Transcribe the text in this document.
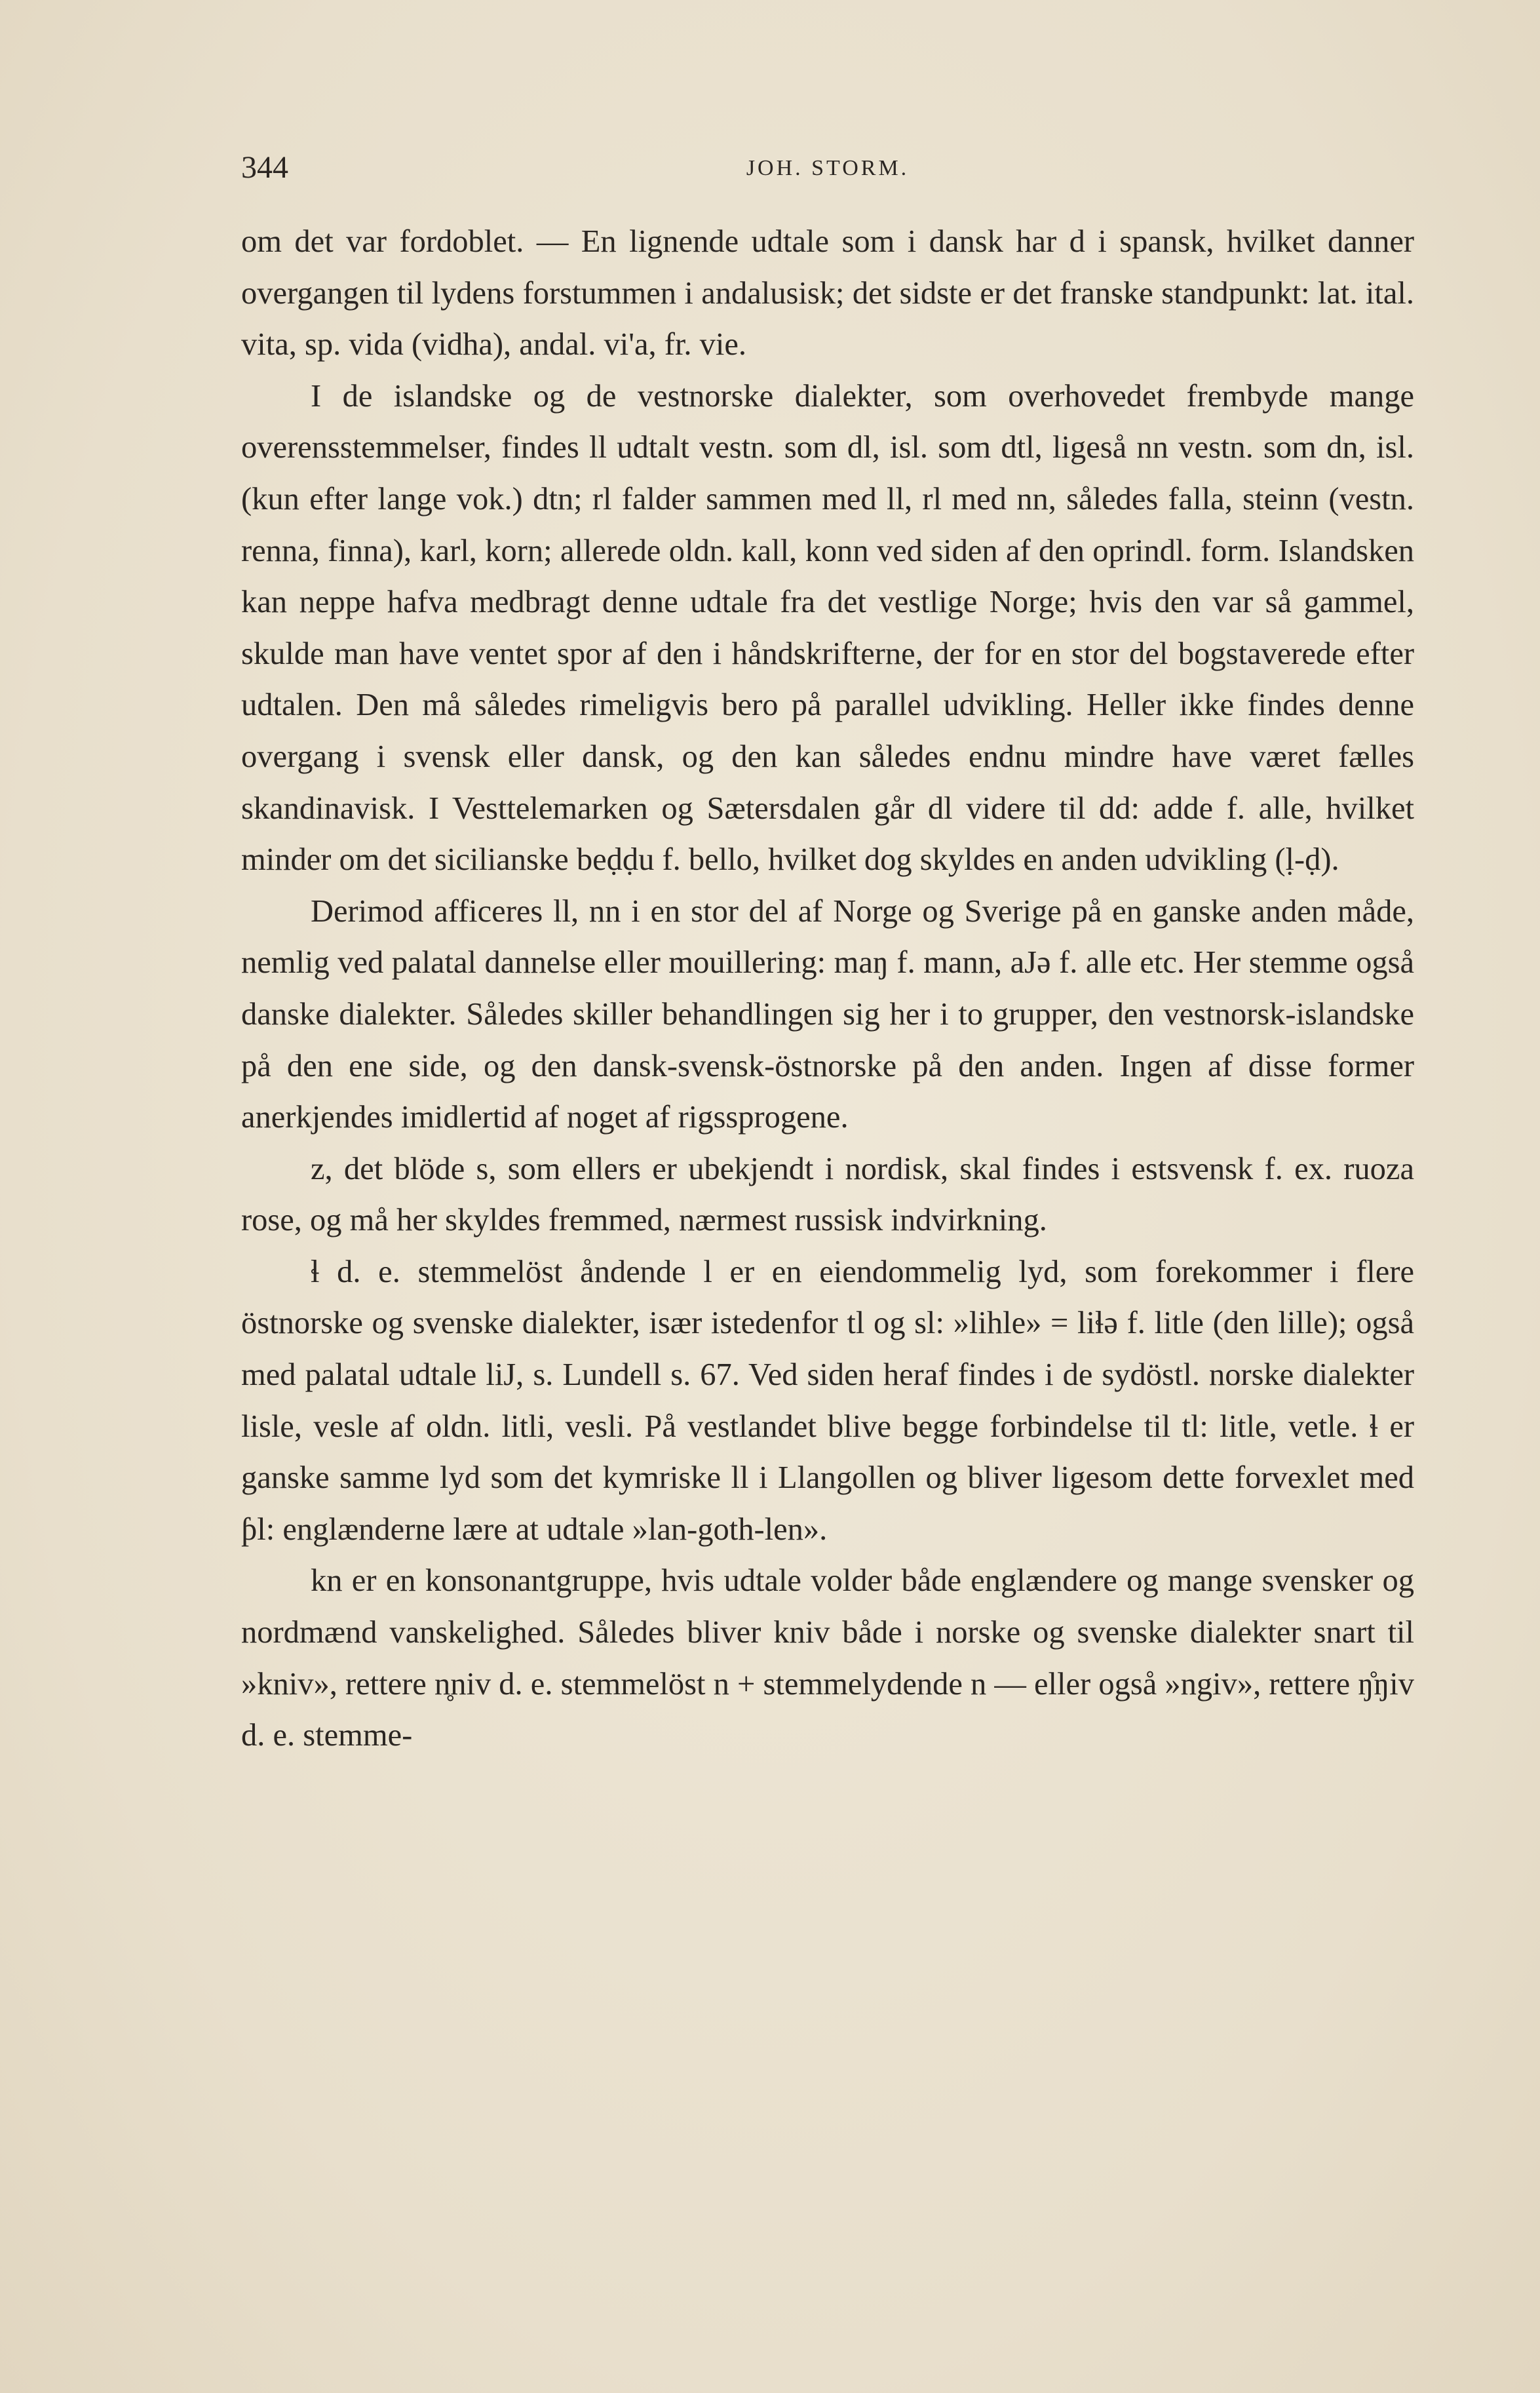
344	JOH. STORM.

om det var fordoblet. — En lignende udtale som i dansk har d i spansk, hvilket danner overgangen til lydens forstummen i andalusisk; det sidste er det franske standpunkt: lat. ital. vita, sp. vida (vidha), andal. vi'a, fr. vie.

I de islandske og de vestnorske dialekter, som overhovedet frembyde mange overensstemmelser, findes ll udtalt vestn. som dl, isl. som dtl, ligeså nn vestn. som dn, isl. (kun efter lange vok.) dtn; rl falder sammen med ll, rl med nn, således falla, steinn (vestn. renna, finna), karl, korn; allerede oldn. kall, konn ved siden af den oprindl. form. Islandsken kan neppe hafva medbragt denne udtale fra det vestlige Norge; hvis den var så gammel, skulde man have ventet spor af den i håndskrifterne, der for en stor del bogstaverede efter udtalen. Den må således rimeligvis bero på parallel udvikling. Heller ikke findes denne overgang i svensk eller dansk, og den kan således endnu mindre have været fælles skandinavisk. I Vesttelemarken og Sætersdalen går dl videre til dd: adde f. alle, hvilket minder om det sicilianske beḍḍu f. bello, hvilket dog skyldes en anden udvikling (ḷ-ḍ).

Derimod afficeres ll, nn i en stor del af Norge og Sverige på en ganske anden måde, nemlig ved palatal dannelse eller mouillering: maŋ f. mann, aJə f. alle etc. Her stemme også danske dialekter. Således skiller behandlingen sig her i to grupper, den vestnorsk-islandske på den ene side, og den dansk-svensk-östnorske på den anden. Ingen af disse former anerkjendes imidlertid af noget af rigssprogene.

z, det blöde s, som ellers er ubekjendt i nordisk, skal findes i estsvensk f. ex. ruoza rose, og må her skyldes fremmed, nærmest russisk indvirkning.

ɬ d. e. stemmelöst åndende l er en eiendommelig lyd, som forekommer i flere östnorske og svenske dialekter, især istedenfor tl og sl: »lihle» = liɬə f. litle (den lille); også med palatal udtale liJ, s. Lundell s. 67. Ved siden heraf findes i de sydöstl. norske dialekter lisle, vesle af oldn. litli, vesli. På vestlandet blive begge forbindelse til tl: litle, vetle. ɬ er ganske samme lyd som det kymriske ll i Llangollen og bliver ligesom dette forvexlet med ƥl: englænderne lære at udtale »lan-goth-len».

kn er en konsonantgruppe, hvis udtale volder både englændere og mange svensker og nordmænd vanskelighed. Således bliver kniv både i norske og svenske dialekter snart til »kniv», rettere n̥niv d. e. stemmelöst n + stemmelydende n — eller også »ngiv», rettere ŋ̊ŋiv d. e. stemme-
